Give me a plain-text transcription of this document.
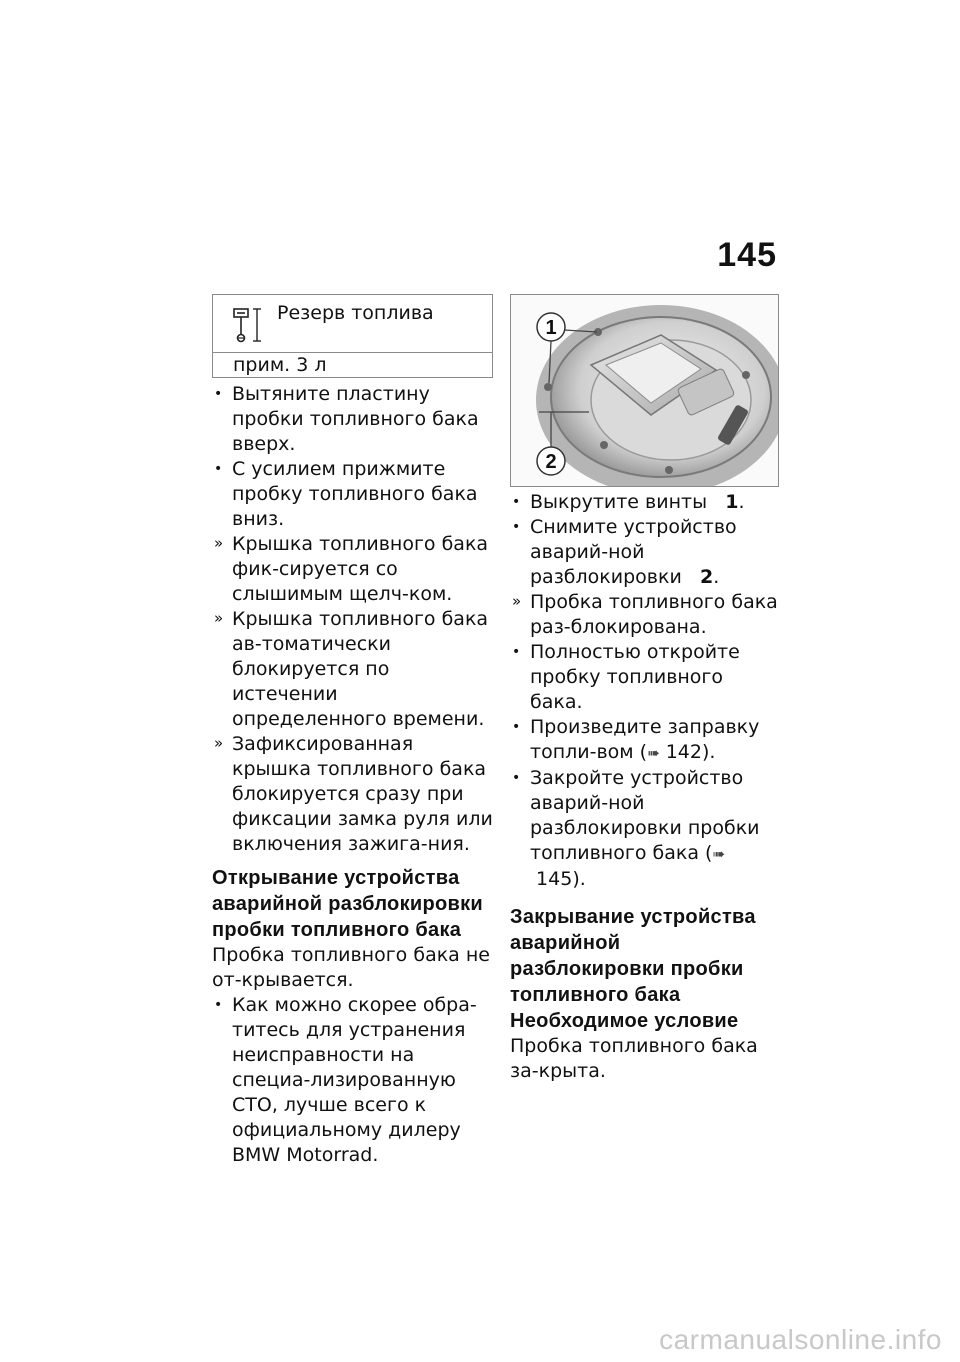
145
Резерв топлива
прим. 3 л
• Вытяните пластину пробки топливного бака вверх.
• С усилием прижмите пробку топливного бака вниз.
» Крышка топливного бака фик-сируется со слышимым щелч-ком.
» Крышка топливного бака ав-томатически блокируется по истечении определенного времени.
» Зафиксированная крышка топливного бака блокируется сразу при фиксации замка руля или включения зажига-ния.
Открывание устройства аварийной разблокировки пробки топливного бака

Пробка топливного бака не от-крывается.

• Как можно скорее обра-титесь для устранения неисправности на специа-лизированную СТО, лучше всего к официальному дилеру BMW Motorrad.
1
2
• Выкрутите винты 1.
• Снимите устройство аварий-ной разблокировки 2.
» Пробка топливного бака раз-блокирована.
• Полностью откройте пробку топливного бака.
• Произведите заправку топли-вом (➠ 142).
• Закройте устройство аварий-ной разблокировки пробки топливного бака (➠ 145).
Закрывание устройства аварийной разблокировки пробки топливного бака
Необходимое условие

Пробка топливного бака за-крыта.

carmanualsonline.info
